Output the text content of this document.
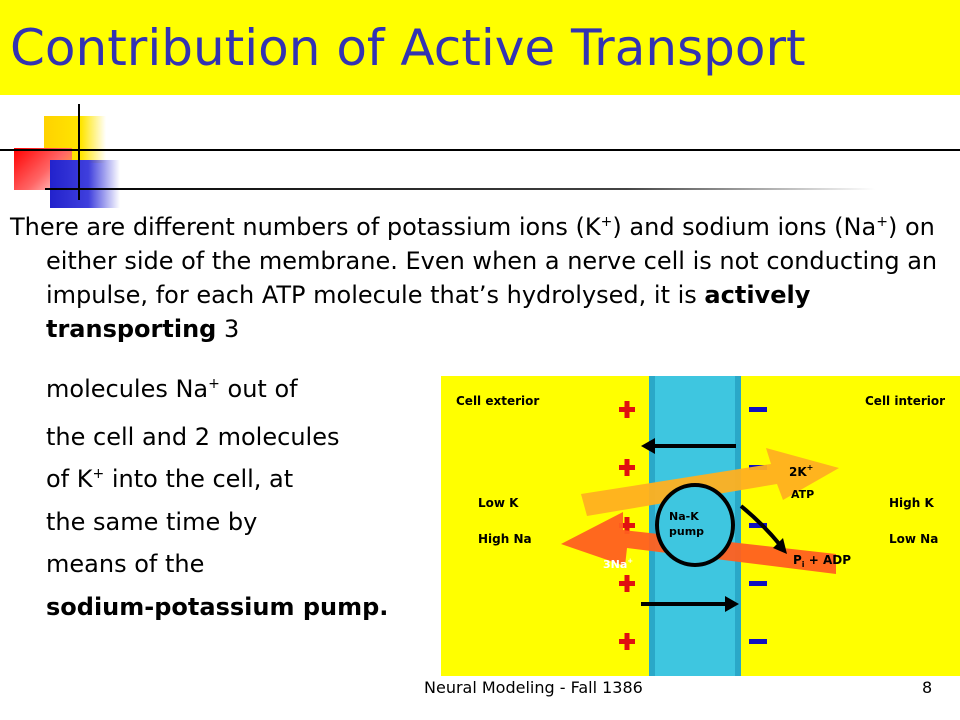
Contribution of Active Transport

There are different numbers of potassium ions (K+) and sodium ions (Na+) on either side of the membrane. Even when a nerve cell is not conducting an impulse, for each ATP molecule that’s hydrolysed, it is actively transporting 3

molecules Na+ out of
the cell and 2 molecules
of K+ into the cell, at
the same time by
means of the
sodium-potassium pump.
Cell exterior	Cell interior
Low K
High Na
High K
Low Na
Na-K
pump
2K+
ATP
3Na+	$P_i$ + ADP
Neural Modeling - Fall 1386	8
